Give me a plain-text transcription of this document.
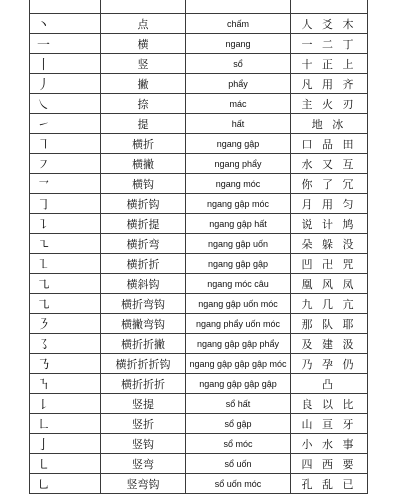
丶	点	chấm	人 爻 木
一	横	ngang	一 二 丁
丨	竖	sổ	十 正 上
丿	撇	phẩy	凡 用 齐
㇏	捺	mác	主 火 刃
㇀	提	hất	地 冰
㇕	横折	ngang gập	口 品 田
㇇	横撇	ngang phẩy	水 又 互
㇖	横钩	ngang móc	你 了 冗
㇆	横折钩	ngang gập móc	月 用 匀
㇊	横折提	ngang gập hất	说 计 鸠
㇍	横折弯	ngang gập uốn	朵 躲 没
㇅	横折折	ngang gập gập	凹 卍 咒
㇈	横斜钩	ngang móc câu	凰 风 凤
㇈	横折弯钩	ngang gập uốn móc	九 几 亢
㇋	横撇弯钩	ngang phẩy uốn móc	那 队 耶
㇌	横折折撇	ngang gập gập phẩy	及 建 汲
㇡	横折折折钩	ngang gập gập gập móc	乃 孕 仍
㇎	横折折折	ngang gập gập gập	凸
㇙	竖提	sổ hất	良 以 比
㇗	竖折	sổ gập	山 亘 牙
亅	竖钩	sổ móc	小 水 事
㇄	竖弯	sổ uốn	四 西 要
㇟	竖弯钩	sổ uốn móc	孔 乱 已
